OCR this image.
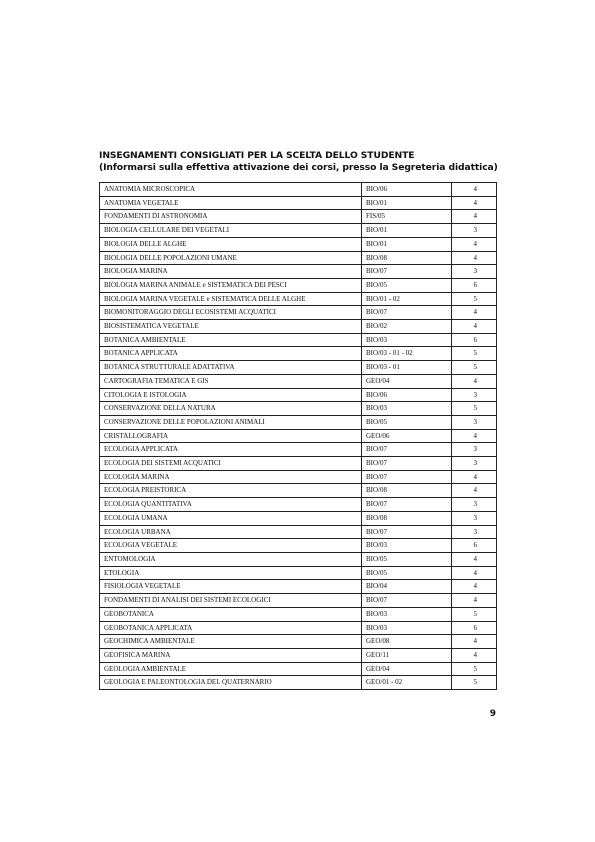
INSEGNAMENTI CONSIGLIATI PER LA SCELTA DELLO STUDENTE
(Informarsi sulla effettiva attivazione dei corsi, presso la Segreteria didattica)
ANATOMIA MICROSCOPICA	BIO/06	4
ANATOMIA VEGETALE	BIO/01	4
FONDAMENTI DI ASTRONOMIA	FIS/05	4
BIOLOGIA CELLULARE DEI VEGETALI	BIO/01	3
BIOLOGIA DELLE ALGHE	BIO/01	4
BIOLOGIA DELLE POPOLAZIONI UMANE	BIO/08	4
BIOLOGIA MARINA	BIO/07	3
BIOLOGIA MARINA ANIMALE e SISTEMATICA DEI PESCI	BIO/05	6
BIOLOGIA MARINA VEGETALE e SISTEMATICA DELLE ALGHE	BIO/01 - 02	5
BIOMONITORAGGIO DEGLI ECOSISTEMI ACQUATICI	BIO/07	4
BIOSISTEMATICA VEGETALE	BIO/02	4
BOTANICA AMBIENTALE	BIO/03	6
BOTANICA APPLICATA	BIO/03 - 01 - 02	5
BOTANICA STRUTTURALE ADATTATIVA	BIO/03 - 01	5
CARTOGRAFIA TEMATICA E GIS	GEO/04	4
CITOLOGIA E ISTOLOGIA	BIO/06	3
CONSERVAZIONE DELLA NATURA	BIO/03	5
CONSERVAZIONE DELLE POPOLAZIONI ANIMALI	BIO/05	3
CRISTALLOGRAFIA	GEO/06	4
ECOLOGIA APPLICATA	BIO/07	3
ECOLOGIA DEI SISTEMI ACQUATICI	BIO/07	3
ECOLOGIA MARINA	BIO/07	4
ECOLOGIA PREISTORICA	BIO/08	4
ECOLOGIA QUANTITATIVA	BIO/07	3
ECOLOGIA UMANA	BIO/08	3
ECOLOGIA URBANA	BIO/07	3
ECOLOGIA VEGETALE	BIO/03	6
ENTOMOLOGIA	BIO/05	4
ETOLOGIA	BIO/05	4
FISIOLOGIA VEGETALE	BIO/04	4
FONDAMENTI DI ANALISI DEI SISTEMI ECOLOGICI	BIO/07	4
GEOBOTANICA	BIO/03	5
GEOBOTANICA APPLICATA	BIO/03	6
GEOCHIMICA AMBIENTALE	GEO/08	4
GEOFISICA MARINA	GEO/11	4
GEOLOGIA AMBIENTALE	GEO/04	5
GEOLOGIA E PALEONTOLOGIA DEL QUATERNARIO	GEO/01 - 02	5
9
